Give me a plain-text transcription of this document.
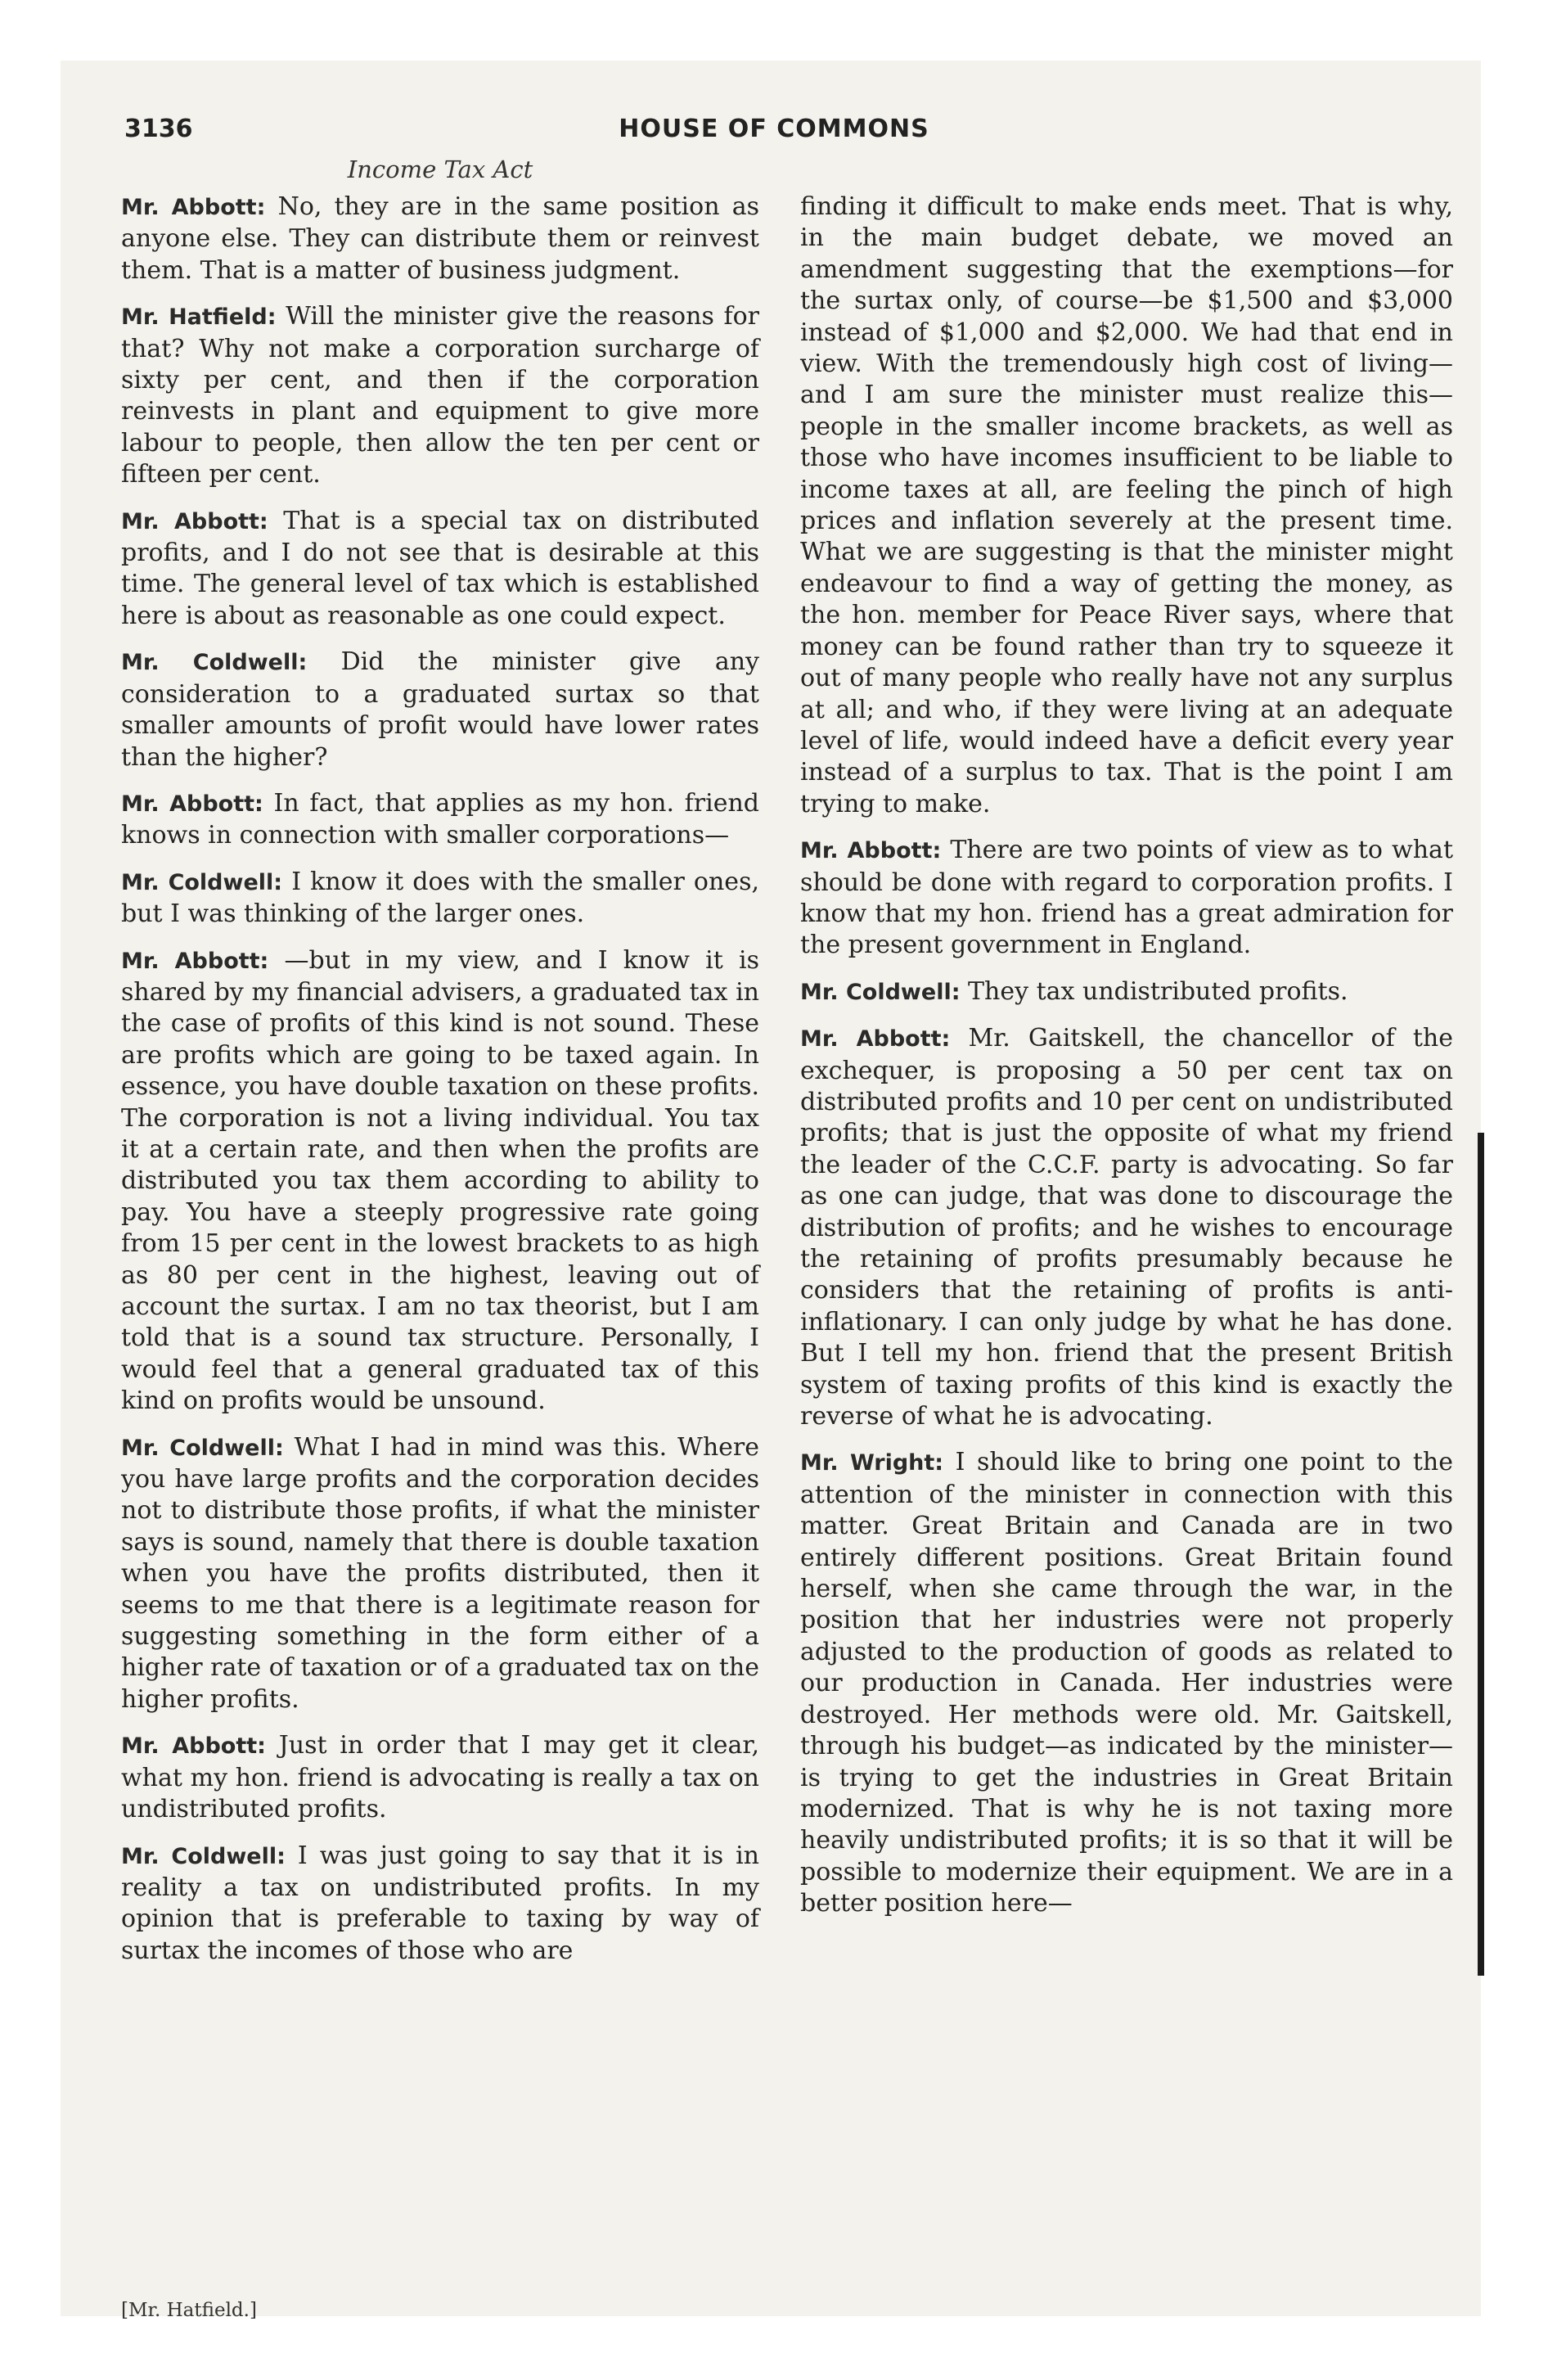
3136	HOUSE OF COMMONS
Income Tax Act

Mr. Abbott: No, they are in the same position as anyone else. They can distribute them or reinvest them. That is a matter of business judgment.

Mr. Hatfield: Will the minister give the reasons for that? Why not make a corporation surcharge of sixty per cent, and then if the corporation reinvests in plant and equipment to give more labour to people, then allow the ten per cent or fifteen per cent.

Mr. Abbott: That is a special tax on distributed profits, and I do not see that is desirable at this time. The general level of tax which is established here is about as reasonable as one could expect.

Mr. Coldwell: Did the minister give any consideration to a graduated surtax so that smaller amounts of profit would have lower rates than the higher?

Mr. Abbott: In fact, that applies as my hon. friend knows in connection with smaller corporations—

Mr. Coldwell: I know it does with the smaller ones, but I was thinking of the larger ones.

Mr. Abbott: —but in my view, and I know it is shared by my financial advisers, a graduated tax in the case of profits of this kind is not sound. These are profits which are going to be taxed again. In essence, you have double taxation on these profits. The corporation is not a living individual. You tax it at a certain rate, and then when the profits are distributed you tax them according to ability to pay. You have a steeply progressive rate going from 15 per cent in the lowest brackets to as high as 80 per cent in the highest, leaving out of account the surtax. I am no tax theorist, but I am told that is a sound tax structure. Personally, I would feel that a general graduated tax of this kind on profits would be unsound.

Mr. Coldwell: What I had in mind was this. Where you have large profits and the corporation decides not to distribute those profits, if what the minister says is sound, namely that there is double taxation when you have the profits distributed, then it seems to me that there is a legitimate reason for suggesting something in the form either of a higher rate of taxation or of a graduated tax on the higher profits.

Mr. Abbott: Just in order that I may get it clear, what my hon. friend is advocating is really a tax on undistributed profits.

Mr. Coldwell: I was just going to say that it is in reality a tax on undistributed profits. In my opinion that is preferable to taxing by way of surtax the incomes of those who are

finding it difficult to make ends meet. That is why, in the main budget debate, we moved an amendment suggesting that the exemptions—for the surtax only, of course—be $1,500 and $3,000 instead of $1,000 and $2,000. We had that end in view. With the tremendously high cost of living—and I am sure the minister must realize this—people in the smaller income brackets, as well as those who have incomes insufficient to be liable to income taxes at all, are feeling the pinch of high prices and inflation severely at the present time. What we are suggesting is that the minister might endeavour to find a way of getting the money, as the hon. member for Peace River says, where that money can be found rather than try to squeeze it out of many people who really have not any surplus at all; and who, if they were living at an adequate level of life, would indeed have a deficit every year instead of a surplus to tax. That is the point I am trying to make.

Mr. Abbott: There are two points of view as to what should be done with regard to corporation profits. I know that my hon. friend has a great admiration for the present government in England.

Mr. Coldwell: They tax undistributed profits.

Mr. Abbott: Mr. Gaitskell, the chancellor of the exchequer, is proposing a 50 per cent tax on distributed profits and 10 per cent on undistributed profits; that is just the opposite of what my friend the leader of the C.C.F. party is advocating. So far as one can judge, that was done to discourage the distribution of profits; and he wishes to encourage the retaining of profits presumably because he considers that the retaining of profits is anti-inflationary. I can only judge by what he has done. But I tell my hon. friend that the present British system of taxing profits of this kind is exactly the reverse of what he is advocating.

Mr. Wright: I should like to bring one point to the attention of the minister in connection with this matter. Great Britain and Canada are in two entirely different positions. Great Britain found herself, when she came through the war, in the position that her industries were not properly adjusted to the production of goods as related to our production in Canada. Her industries were destroyed. Her methods were old. Mr. Gaitskell, through his budget—as indicated by the minister—is trying to get the industries in Great Britain modernized. That is why he is not taxing more heavily undistributed profits; it is so that it will be possible to modernize their equipment. We are in a better position here—

[Mr. Hatfield.]
